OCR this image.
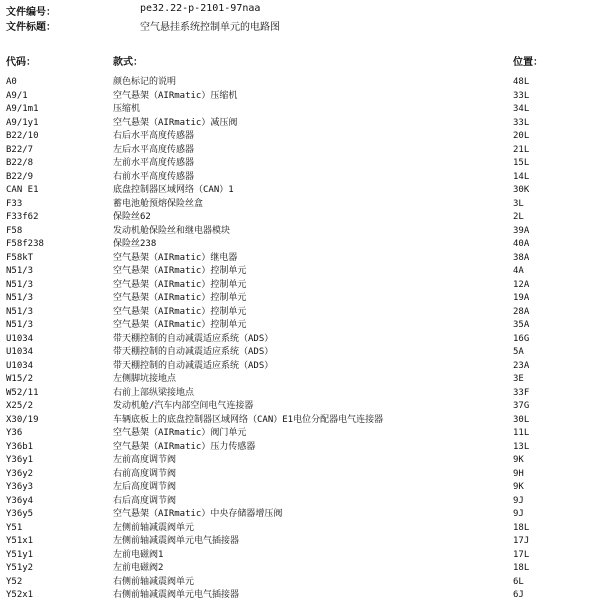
文件编号：	pe32.22-p-2101-97naa
文件标题：	空气悬挂系统控制单元的电路图
代码：	款式：	位置：
A0	颜色标记的说明	48L
A9/1	空气悬架（AIRmatic）压缩机	33L
A9/1m1	压缩机	34L
A9/1y1	空气悬架（AIRmatic）减压阀	33L
B22/10	右后水平高度传感器	20L
B22/7	左后水平高度传感器	21L
B22/8	左前水平高度传感器	15L
B22/9	右前水平高度传感器	14L
CAN E1	底盘控制器区域网络（CAN）1	30K
F33	蓄电池舱预熔保险丝盒	3L
F33f62	保险丝62	2L
F58	发动机舱保险丝和继电器模块	39A
F58f238	保险丝238	40A
F58kT	空气悬架（AIRmatic）继电器	38A
N51/3	空气悬架（AIRmatic）控制单元	4A
N51/3	空气悬架（AIRmatic）控制单元	12A
N51/3	空气悬架（AIRmatic）控制单元	19A
N51/3	空气悬架（AIRmatic）控制单元	28A
N51/3	空气悬架（AIRmatic）控制单元	35A
U1034	带天棚控制的自动减震适应系统（ADS）	16G
U1034	带天棚控制的自动减震适应系统（ADS）	5A
U1034	带天棚控制的自动减震适应系统（ADS）	23A
W15/2	左侧脚坑接地点	3E
W52/11	右前上部纵梁接地点	33F
X25/2	发动机舱/汽车内部空间电气连接器	37G
X30/19	车辆底板上的底盘控制器区域网络（CAN）E1电位分配器电气连接器	30L
Y36	空气悬架（AIRmatic）阀门单元	11L
Y36b1	空气悬架（AIRmatic）压力传感器	13L
Y36y1	左前高度调节阀	9K
Y36y2	右前高度调节阀	9H
Y36y3	左后高度调节阀	9K
Y36y4	右后高度调节阀	9J
Y36y5	空气悬架（AIRmatic）中央存储器增压阀	9J
Y51	左侧前轴减震阀单元	18L
Y51x1	左侧前轴减震阀单元电气插接器	17J
Y51y1	左前电磁阀1	17L
Y51y2	左前电磁阀2	18L
Y52	右侧前轴减震阀单元	6L
Y52x1	右侧前轴减震阀单元电气插接器	6J
